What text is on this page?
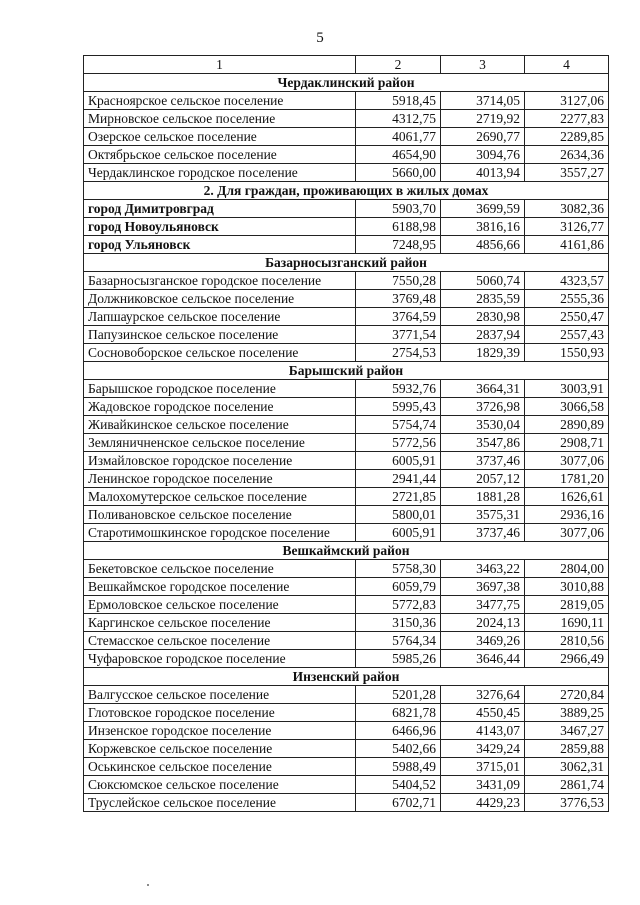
5
1	2	3	4
Чердаклинский район			
Красноярское сельское поселение	5918,45	3714,05	3127,06
Мирновское сельское поселение	4312,75	2719,92	2277,83
Озерское сельское поселение	4061,77	2690,77	2289,85
Октябрьское сельское поселение	4654,90	3094,76	2634,36
Чердаклинское городское поселение	5660,00	4013,94	3557,27
2. Для граждан, проживающих в жилых домах			
город Димитровград	5903,70	3699,59	3082,36
город Новоульяновск	6188,98	3816,16	3126,77
город Ульяновск	7248,95	4856,66	4161,86
Базарносызганский район			
Базарносызганское городское поселение	7550,28	5060,74	4323,57
Должниковское сельское поселение	3769,48	2835,59	2555,36
Лапшаурское сельское поселение	3764,59	2830,98	2550,47
Папузинское сельское поселение	3771,54	2837,94	2557,43
Сосновоборское сельское поселение	2754,53	1829,39	1550,93
Барышский район			
Барышское городское поселение	5932,76	3664,31	3003,91
Жадовское городское поселение	5995,43	3726,98	3066,58
Живайкинское сельское поселение	5754,74	3530,04	2890,89
Земляничненское сельское поселение	5772,56	3547,86	2908,71
Измайловское городское поселение	6005,91	3737,46	3077,06
Ленинское городское поселение	2941,44	2057,12	1781,20
Малохомутерское сельское поселение	2721,85	1881,28	1626,61
Поливановское сельское поселение	5800,01	3575,31	2936,16
Старотимошкинское городское поселение	6005,91	3737,46	3077,06
Вешкаймский район			
Бекетовское сельское поселение	5758,30	3463,22	2804,00
Вешкаймское городское поселение	6059,79	3697,38	3010,88
Ермоловское сельское поселение	5772,83	3477,75	2819,05
Каргинское сельское поселение	3150,36	2024,13	1690,11
Стемасское сельское поселение	5764,34	3469,26	2810,56
Чуфаровское городское поселение	5985,26	3646,44	2966,49
Инзенский район			
Валгусское сельское поселение	5201,28	3276,64	2720,84
Глотовское городское поселение	6821,78	4550,45	3889,25
Инзенское городское поселение	6466,96	4143,07	3467,27
Коржевское сельское поселение	5402,66	3429,24	2859,88
Оськинское сельское поселение	5988,49	3715,01	3062,31
Сюксюмское сельское поселение	5404,52	3431,09	2861,74
Труслейское сельское поселение	6702,71	4429,23	3776,53
